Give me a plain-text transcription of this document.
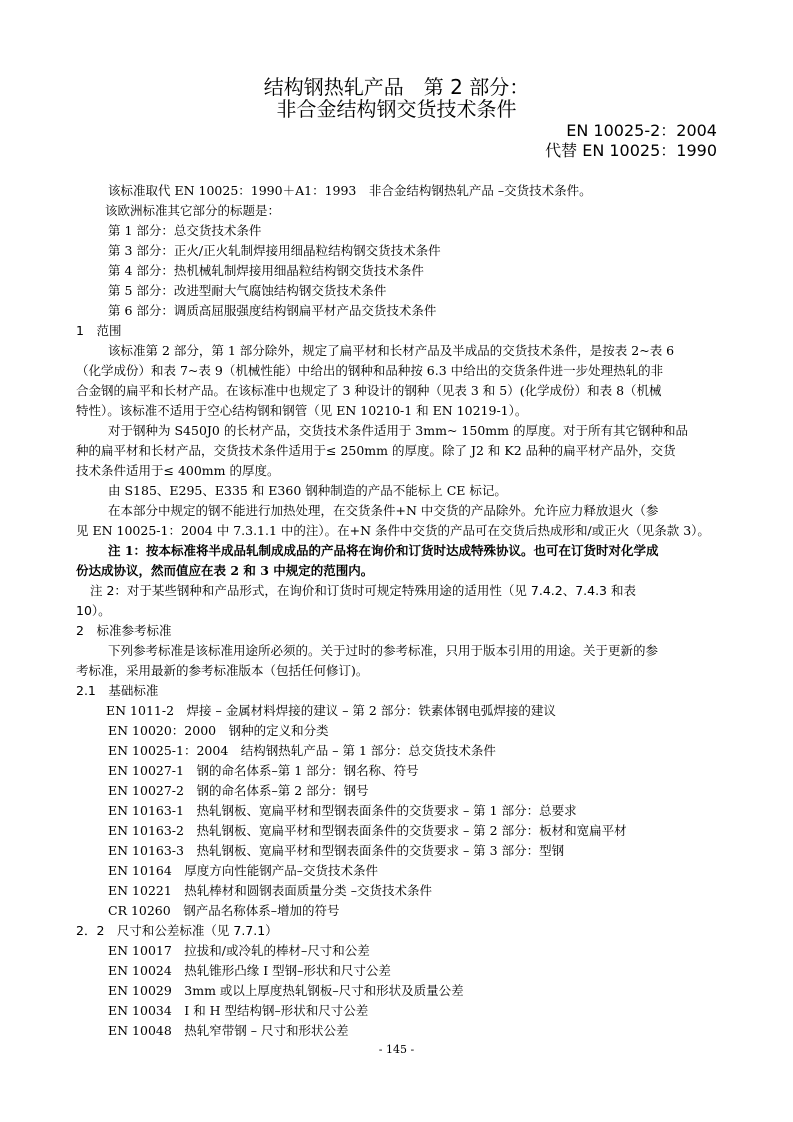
结构钢热轧产品　第 2 部分：
非合金结构钢交货技术条件
EN 10025-2：2004
代替 EN 10025：1990
该标准取代 EN 10025：1990＋A1：1993　非合金结构钢热轧产品 –交货技术条件。
该欧洲标准其它部分的标题是：
第 1 部分：总交货技术条件
第 3 部分：正火/正火轧制焊接用细晶粒结构钢交货技术条件
第 4 部分：热机械轧制焊接用细晶粒结构钢交货技术条件
第 5 部分：改进型耐大气腐蚀结构钢交货技术条件
第 6 部分：调质高屈服强度结构钢扁平材产品交货技术条件
1　范围
该标准第 2 部分，第 1 部分除外，规定了扁平材和长材产品及半成品的交货技术条件，是按表 2~表 6
（化学成份）和表 7~表 9（机械性能）中给出的钢种和品种按 6.3 中给出的交货条件进一步处理热轧的非
合金钢的扁平和长材产品。在该标准中也规定了 3 种设计的钢种（见表 3 和 5）(化学成份）和表 8（机械
特性）。该标准不适用于空心结构钢和钢管（见 EN 10210-1 和 EN 10219-1）。
对于钢种为 S450J0 的长材产品，交货技术条件适用于 3mm~ 150mm 的厚度。对于所有其它钢种和品
种的扁平材和长材产品，交货技术条件适用于≤ 250mm 的厚度。除了 J2 和 K2 品种的扁平材产品外，交货
技术条件适用于≤ 400mm 的厚度。
由 S185、E295、E335 和 E360 钢种制造的产品不能标上 CE 标记。
在本部分中规定的钢不能进行加热处理，在交货条件+N 中交货的产品除外。允许应力释放退火（参
见 EN 10025-1：2004 中 7.3.1.1 中的注）。在+N 条件中交货的产品可在交货后热成形和/或正火（见条款 3）。
注 1：按本标准将半成品轧制成成品的产品将在询价和订货时达成特殊协议。也可在订货时对化学成
份达成协议，然而值应在表 2 和 3 中规定的范围内。
注 2：对于某些钢种和产品形式，在询价和订货时可规定特殊用途的适用性（见 7.4.2、7.4.3 和表
10）。
2　标准参考标准
下列参考标准是该标准用途所必须的。关于过时的参考标准，只用于版本引用的用途。关于更新的参
考标准，采用最新的参考标准版本（包括任何修订)。
2.1　基础标准
EN 1011-2　焊接 – 金属材料焊接的建议 – 第 2 部分：铁素体钢电弧焊接的建议
EN 10020：2000　钢种的定义和分类
EN 10025-1：2004　结构钢热轧产品 – 第 1 部分：总交货技术条件
EN 10027-1　钢的命名体系–第 1 部分：钢名称、符号
EN 10027-2　钢的命名体系–第 2 部分：钢号
EN 10163-1　热轧钢板、宽扁平材和型钢表面条件的交货要求 – 第 1 部分：总要求
EN 10163-2　热轧钢板、宽扁平材和型钢表面条件的交货要求 – 第 2 部分：板材和宽扁平材
EN 10163-3　热轧钢板、宽扁平材和型钢表面条件的交货要求 – 第 3 部分：型钢
EN 10164　厚度方向性能钢产品–交货技术条件
EN 10221　热轧棒材和圆钢表面质量分类 –交货技术条件
CR 10260　钢产品名称体系–增加的符号
2．2　尺寸和公差标准（见 7.7.1）
EN 10017　拉拔和/或冷轧的棒材–尺寸和公差
EN 10024　热轧锥形凸缘 I 型钢–形状和尺寸公差
EN 10029　3mm 或以上厚度热轧钢板–尺寸和形状及质量公差
EN 10034　I 和 H 型结构钢–形状和尺寸公差
EN 10048　热轧窄带钢 – 尺寸和形状公差
- 145 -
